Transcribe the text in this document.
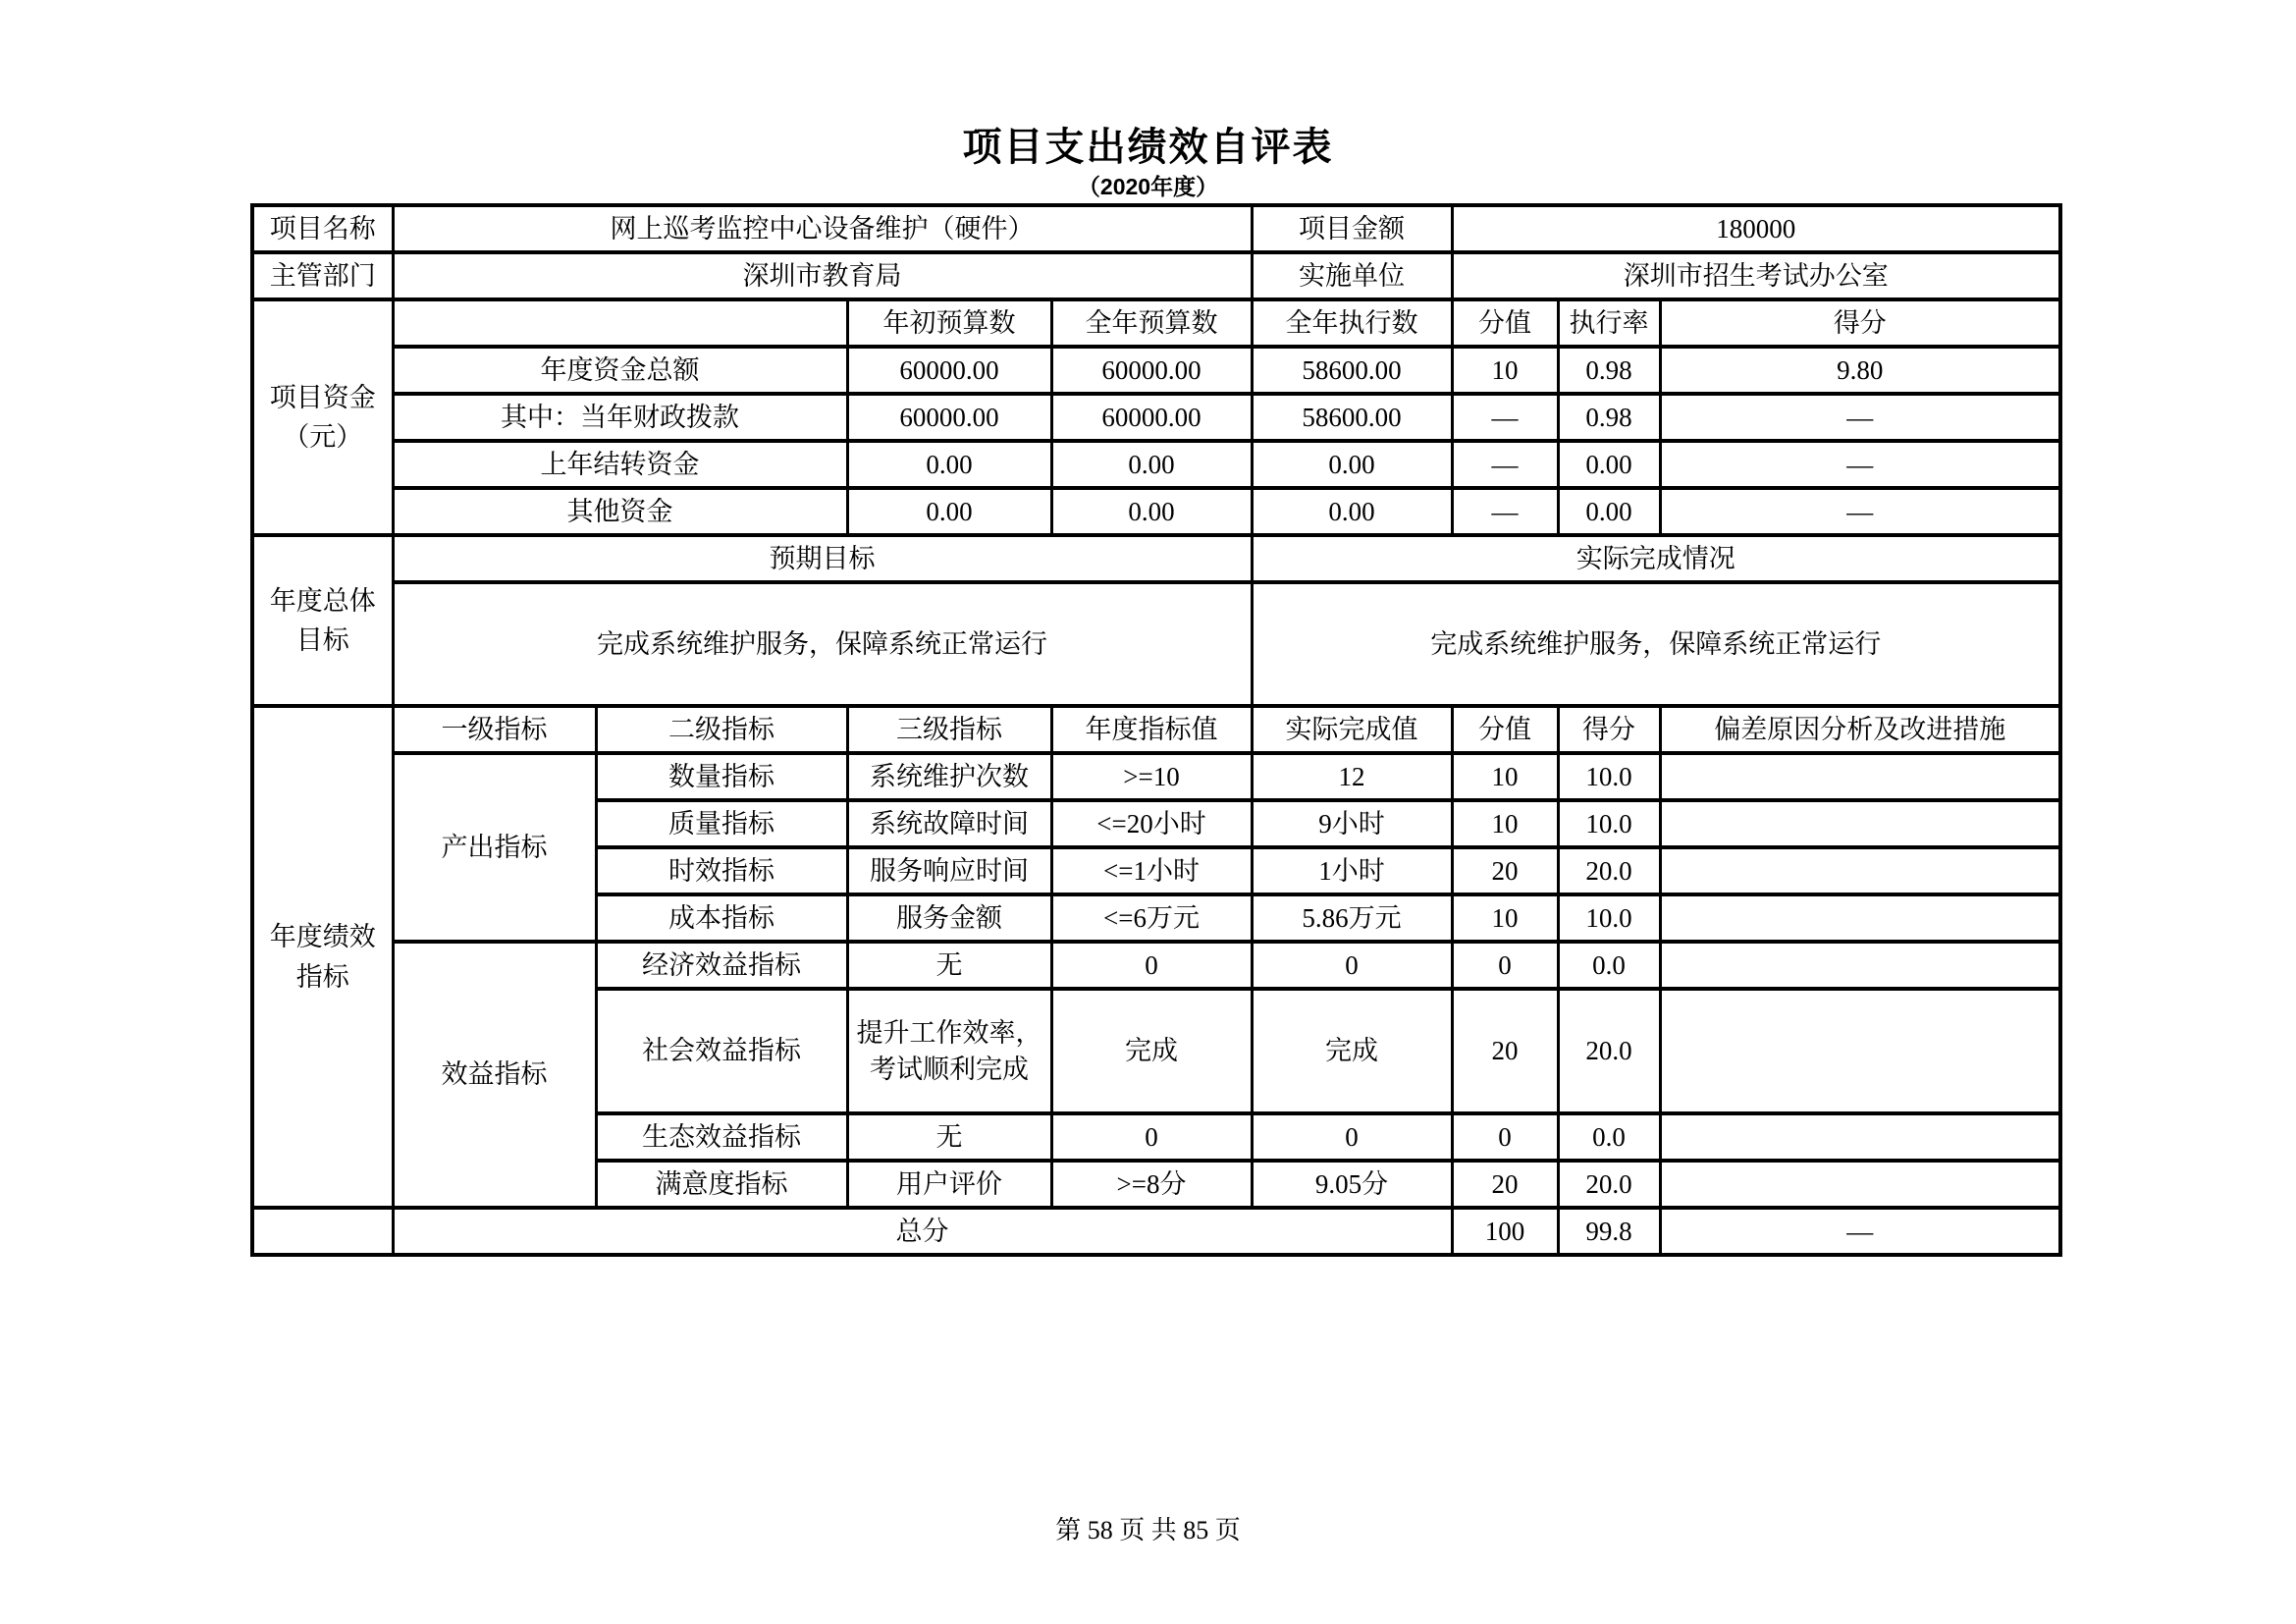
项目支出绩效自评表
（2020年度）
项目名称	网上巡考监控中心设备维护（硬件）				项目金额	180000		
主管部门	深圳市教育局				实施单位	深圳市招生考试办公室		

项目资金
（元）			年初预算数	全年预算数	全年执行数	分值	执行率	得分
	年度资金总额		60000.00	60000.00	58600.00	10	0.98	9.80
	其中：当年财政拨款		60000.00	60000.00	58600.00	—	0.98	—
	上年结转资金		0.00	0.00	0.00	—	0.00	—
	其他资金		0.00	0.00	0.00	—	0.00	—

年度总体
目标	预期目标				实际完成情况			
	完成系统维护服务，保障系统正常运行				完成系统维护服务，保障系统正常运行			

年度绩效
指标	一级指标	二级指标	三级指标	年度指标值	实际完成值	分值	得分	偏差原因分析及改进措施
	产出指标	数量指标	系统维护次数	>=10	12	10	10.0	
		质量指标	系统故障时间	<=20小时	9小时	10	10.0	
		时效指标	服务响应时间	<=1小时	1小时	20	20.0	
		成本指标	服务金额	<=6万元	5.86万元	10	10.0	
	效益指标	经济效益指标	无	0	0	0	0.0	
		社会效益指标	提升工作效率，考试顺利完成	完成	完成	20	20.0	
		生态效益指标	无	0	0	0	0.0	
		满意度指标	用户评价	>=8分	9.05分	20	20.0	
	总分					100	99.8	—
第 58 页 共 85 页
